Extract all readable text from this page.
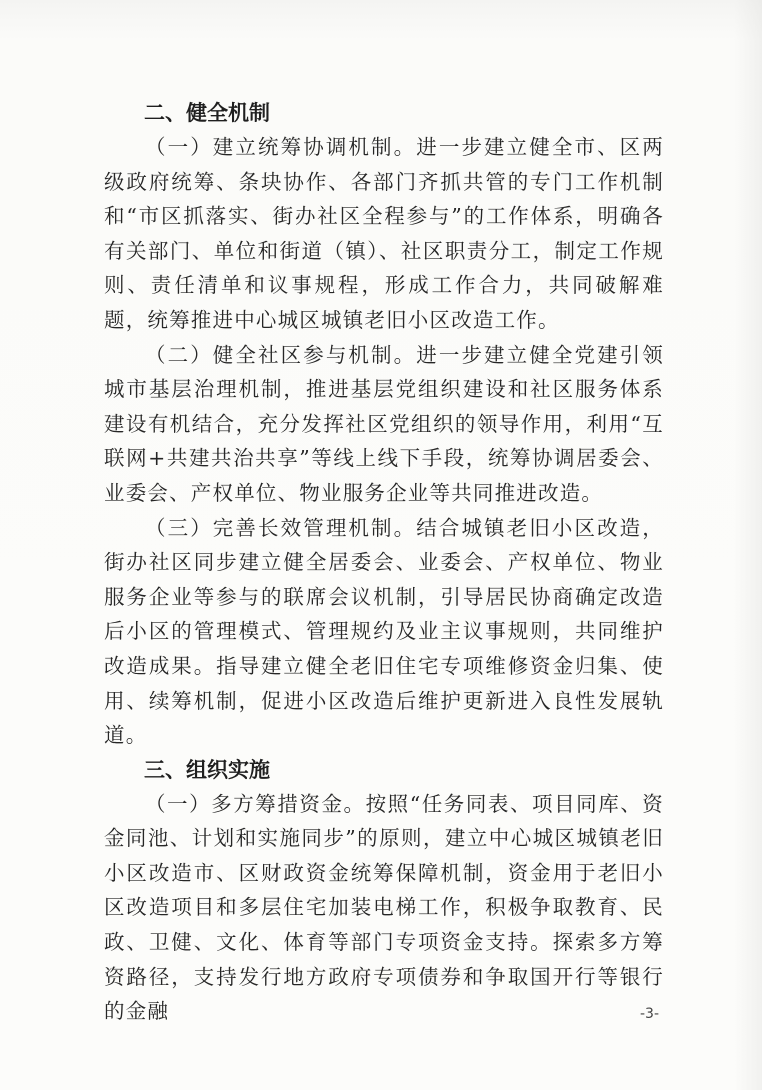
二、健全机制

（一）建立统筹协调机制。进一步建立健全市、区两级政府统筹、条块协作、各部门齐抓共管的专门工作机制和“市区抓落实、街办社区全程参与”的工作体系，明确各有关部门、单位和街道（镇）、社区职责分工，制定工作规则、责任清单和议事规程，形成工作合力，共同破解难题，统筹推进中心城区城镇老旧小区改造工作。

（二）健全社区参与机制。进一步建立健全党建引领城市基层治理机制，推进基层党组织建设和社区服务体系建设有机结合，充分发挥社区党组织的领导作用，利用“互联网+共建共治共享”等线上线下手段，统筹协调居委会、业委会、产权单位、物业服务企业等共同推进改造。

（三）完善长效管理机制。结合城镇老旧小区改造，街办社区同步建立健全居委会、业委会、产权单位、物业服务企业等参与的联席会议机制，引导居民协商确定改造后小区的管理模式、管理规约及业主议事规则，共同维护改造成果。指导建立健全老旧住宅专项维修资金归集、使用、续筹机制，促进小区改造后维护更新进入良性发展轨道。

三、组织实施

（一）多方筹措资金。按照“任务同表、项目同库、资金同池、计划和实施同步”的原则，建立中心城区城镇老旧小区改造市、区财政资金统筹保障机制，资金用于老旧小区改造项目和多层住宅加装电梯工作，积极争取教育、民政、卫健、文化、体育等部门专项资金支持。探索多方筹资路径，支持发行地方政府专项债券和争取国开行等银行的金融	-3-
